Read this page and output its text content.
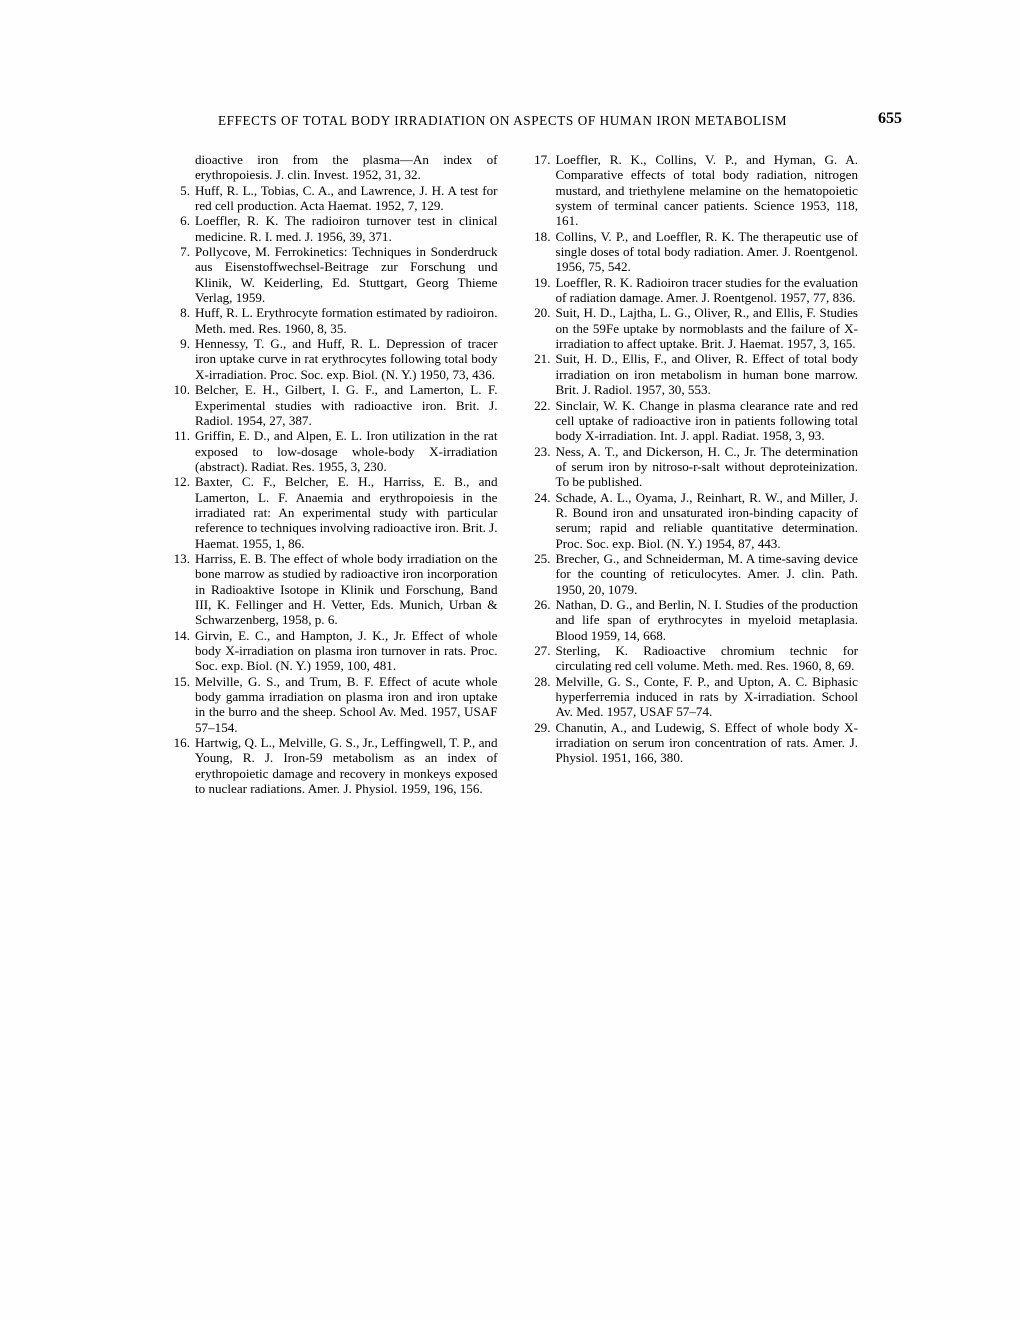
EFFECTS OF TOTAL BODY IRRADIATION ON ASPECTS OF HUMAN IRON METABOLISM	655
dioactive iron from the plasma—An index of erythropoiesis. J. clin. Invest. 1952, 31, 32.
5. Huff, R. L., Tobias, C. A., and Lawrence, J. H. A test for red cell production. Acta Haemat. 1952, 7, 129.
6. Loeffler, R. K. The radioiron turnover test in clinical medicine. R. I. med. J. 1956, 39, 371.
7. Pollycove, M. Ferrokinetics: Techniques in Sonderdruck aus Eisenstoffwechsel-Beitrage zur Forschung und Klinik, W. Keiderling, Ed. Stuttgart, Georg Thieme Verlag, 1959.
8. Huff, R. L. Erythrocyte formation estimated by radioiron. Meth. med. Res. 1960, 8, 35.
9. Hennessy, T. G., and Huff, R. L. Depression of tracer iron uptake curve in rat erythrocytes following total body X-irradiation. Proc. Soc. exp. Biol. (N. Y.) 1950, 73, 436.
10. Belcher, E. H., Gilbert, I. G. F., and Lamerton, L. F. Experimental studies with radioactive iron. Brit. J. Radiol. 1954, 27, 387.
11. Griffin, E. D., and Alpen, E. L. Iron utilization in the rat exposed to low-dosage whole-body X-irradiation (abstract). Radiat. Res. 1955, 3, 230.
12. Baxter, C. F., Belcher, E. H., Harriss, E. B., and Lamerton, L. F. Anaemia and erythropoiesis in the irradiated rat: An experimental study with particular reference to techniques involving radioactive iron. Brit. J. Haemat. 1955, 1, 86.
13. Harriss, E. B. The effect of whole body irradiation on the bone marrow as studied by radioactive iron incorporation in Radioaktive Isotope in Klinik und Forschung, Band III, K. Fellinger and H. Vetter, Eds. Munich, Urban & Schwarzenberg, 1958, p. 6.
14. Girvin, E. C., and Hampton, J. K., Jr. Effect of whole body X-irradiation on plasma iron turnover in rats. Proc. Soc. exp. Biol. (N. Y.) 1959, 100, 481.
15. Melville, G. S., and Trum, B. F. Effect of acute whole body gamma irradiation on plasma iron and iron uptake in the burro and the sheep. School Av. Med. 1957, USAF 57–154.
16. Hartwig, Q. L., Melville, G. S., Jr., Leffingwell, T. P., and Young, R. J. Iron-59 metabolism as an index of erythropoietic damage and recovery in monkeys exposed to nuclear radiations. Amer. J. Physiol. 1959, 196, 156.
17. Loeffler, R. K., Collins, V. P., and Hyman, G. A. Comparative effects of total body radiation, nitrogen mustard, and triethylene melamine on the hematopoietic system of terminal cancer patients. Science 1953, 118, 161.
18. Collins, V. P., and Loeffler, R. K. The therapeutic use of single doses of total body radiation. Amer. J. Roentgenol. 1956, 75, 542.
19. Loeffler, R. K. Radioiron tracer studies for the evaluation of radiation damage. Amer. J. Roentgenol. 1957, 77, 836.
20. Suit, H. D., Lajtha, L. G., Oliver, R., and Ellis, F. Studies on the 59Fe uptake by normoblasts and the failure of X-irradiation to affect uptake. Brit. J. Haemat. 1957, 3, 165.
21. Suit, H. D., Ellis, F., and Oliver, R. Effect of total body irradiation on iron metabolism in human bone marrow. Brit. J. Radiol. 1957, 30, 553.
22. Sinclair, W. K. Change in plasma clearance rate and red cell uptake of radioactive iron in patients following total body X-irradiation. Int. J. appl. Radiat. 1958, 3, 93.
23. Ness, A. T., and Dickerson, H. C., Jr. The determination of serum iron by nitroso-r-salt without deproteinization. To be published.
24. Schade, A. L., Oyama, J., Reinhart, R. W., and Miller, J. R. Bound iron and unsaturated iron-binding capacity of serum; rapid and reliable quantitative determination. Proc. Soc. exp. Biol. (N. Y.) 1954, 87, 443.
25. Brecher, G., and Schneiderman, M. A time-saving device for the counting of reticulocytes. Amer. J. clin. Path. 1950, 20, 1079.
26. Nathan, D. G., and Berlin, N. I. Studies of the production and life span of erythrocytes in myeloid metaplasia. Blood 1959, 14, 668.
27. Sterling, K. Radioactive chromium technic for circulating red cell volume. Meth. med. Res. 1960, 8, 69.
28. Melville, G. S., Conte, F. P., and Upton, A. C. Biphasic hyperferremia induced in rats by X-irradiation. School Av. Med. 1957, USAF 57–74.
29. Chanutin, A., and Ludewig, S. Effect of whole body X-irradiation on serum iron concentration of rats. Amer. J. Physiol. 1951, 166, 380.
